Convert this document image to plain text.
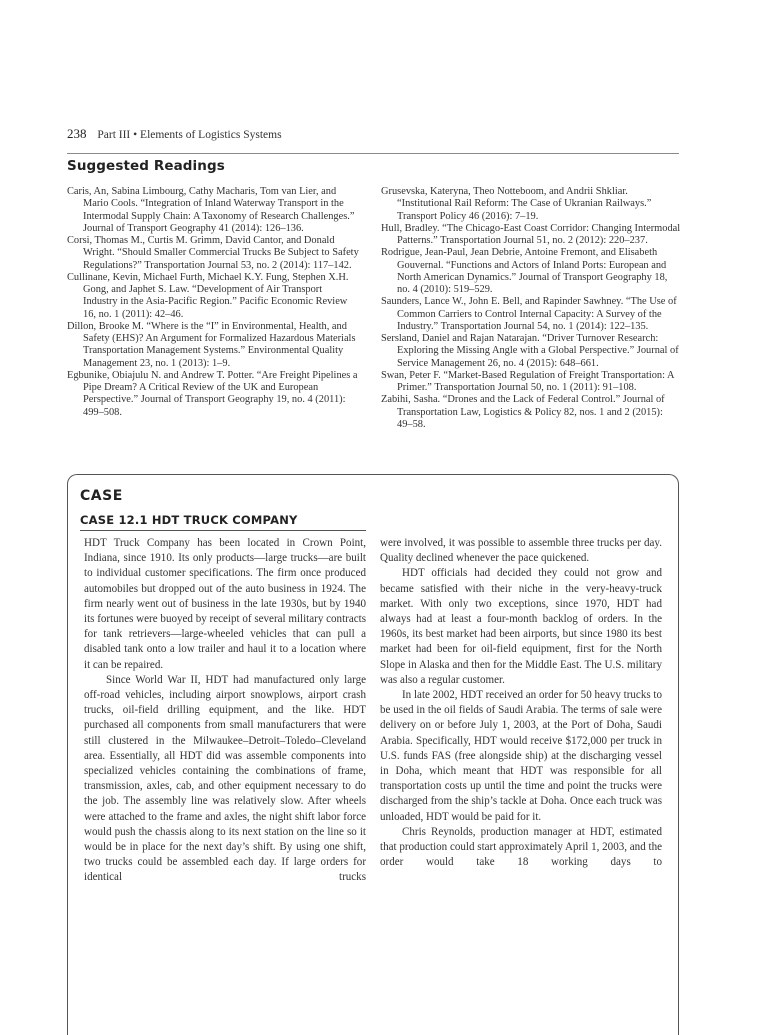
238 Part III • Elements of Logistics Systems
Suggested Readings

Caris, An, Sabina Limbourg, Cathy Macharis, Tom van Lier, and Mario Cools. “Integration of Inland Waterway Transport in the Intermodal Supply Chain: A Taxonomy of Research Challenges.” Journal of Transport Geography 41 (2014): 126–136.

Corsi, Thomas M., Curtis M. Grimm, David Cantor, and Donald Wright. “Should Smaller Commercial Trucks Be Subject to Safety Regulations?” Transportation Journal 53, no. 2 (2014): 117–142.

Cullinane, Kevin, Michael Furth, Michael K.Y. Fung, Stephen X.H. Gong, and Japhet S. Law. “Development of Air Transport Industry in the Asia-Pacific Region.” Pacific Economic Review 16, no. 1 (2011): 42–46.

Dillon, Brooke M. “Where is the “I” in Environmental, Health, and Safety (EHS)? An Argument for Formalized Hazardous Materials Transportation Management Systems.” Environmental Quality Management 23, no. 1 (2013): 1–9.

Egbunike, Obiajulu N. and Andrew T. Potter. “Are Freight Pipelines a Pipe Dream? A Critical Review of the UK and European Perspective.” Journal of Transport Geography 19, no. 4 (2011): 499–508.

Grusevska, Kateryna, Theo Notteboom, and Andrii Shkliar. “Institutional Rail Reform: The Case of Ukranian Railways.” Transport Policy 46 (2016): 7–19.

Hull, Bradley. “The Chicago-East Coast Corridor: Changing Intermodal Patterns.” Transportation Journal 51, no. 2 (2012): 220–237.

Rodrigue, Jean-Paul, Jean Debrie, Antoine Fremont, and Elisabeth Gouvernal. “Functions and Actors of Inland Ports: European and North American Dynamics.” Journal of Transport Geography 18, no. 4 (2010): 519–529.

Saunders, Lance W., John E. Bell, and Rapinder Sawhney. “The Use of Common Carriers to Control Internal Capacity: A Survey of the Industry.” Transportation Journal 54, no. 1 (2014): 122–135.

Sersland, Daniel and Rajan Natarajan. “Driver Turnover Research: Exploring the Missing Angle with a Global Perspective.” Journal of Service Management 26, no. 4 (2015): 648–661.

Swan, Peter F. “Market-Based Regulation of Freight Transportation: A Primer.” Transportation Journal 50, no. 1 (2011): 91–108.

Zabihi, Sasha. “Drones and the Lack of Federal Control.” Journal of Transportation Law, Logistics & Policy 82, nos. 1 and 2 (2015): 49–58.

CASE
CASE 12.1 HDT TRUCK COMPANY

HDT Truck Company has been located in Crown Point, Indiana, since 1910. Its only products—large trucks—are built to individual customer specifications. The firm once produced automobiles but dropped out of the auto business in 1924. The firm nearly went out of business in the late 1930s, but by 1940 its fortunes were buoyed by receipt of several military contracts for tank retrievers—large-wheeled vehicles that can pull a disabled tank onto a low trailer and haul it to a location where it can be repaired.

Since World War II, HDT had manufactured only large off-road vehicles, including airport snowplows, airport crash trucks, oil-field drilling equipment, and the like. HDT purchased all components from small manufacturers that were still clustered in the Milwaukee–Detroit–Toledo–Cleveland area. Essentially, all HDT did was assemble components into specialized vehicles containing the combinations of frame, transmission, axles, cab, and other equipment necessary to do the job. The assembly line was relatively slow. After wheels were attached to the frame and axles, the night shift labor force would push the chassis along to its next station on the line so it would be in place for the next day’s shift. By using one shift, two trucks could be assembled each day. If large orders for identical trucks

were involved, it was possible to assemble three trucks per day. Quality declined whenever the pace quickened.

HDT officials had decided they could not grow and became satisfied with their niche in the very-heavy-truck market. With only two exceptions, since 1970, HDT had always had at least a four-month backlog of orders. In the 1960s, its best market had been airports, but since 1980 its best market had been for oil-field equipment, first for the North Slope in Alaska and then for the Middle East. The U.S. military was also a regular customer.

In late 2002, HDT received an order for 50 heavy trucks to be used in the oil fields of Saudi Arabia. The terms of sale were delivery on or before July 1, 2003, at the Port of Doha, Saudi Arabia. Specifically, HDT would receive $172,000 per truck in U.S. funds FAS (free alongside ship) at the discharging vessel in Doha, which meant that HDT was responsible for all transportation costs up until the time and point the trucks were discharged from the ship’s tackle at Doha. Once each truck was unloaded, HDT would be paid for it.

Chris Reynolds, production manager at HDT, estimated that production could start approximately April 1, 2003, and the order would take 18 working days to
